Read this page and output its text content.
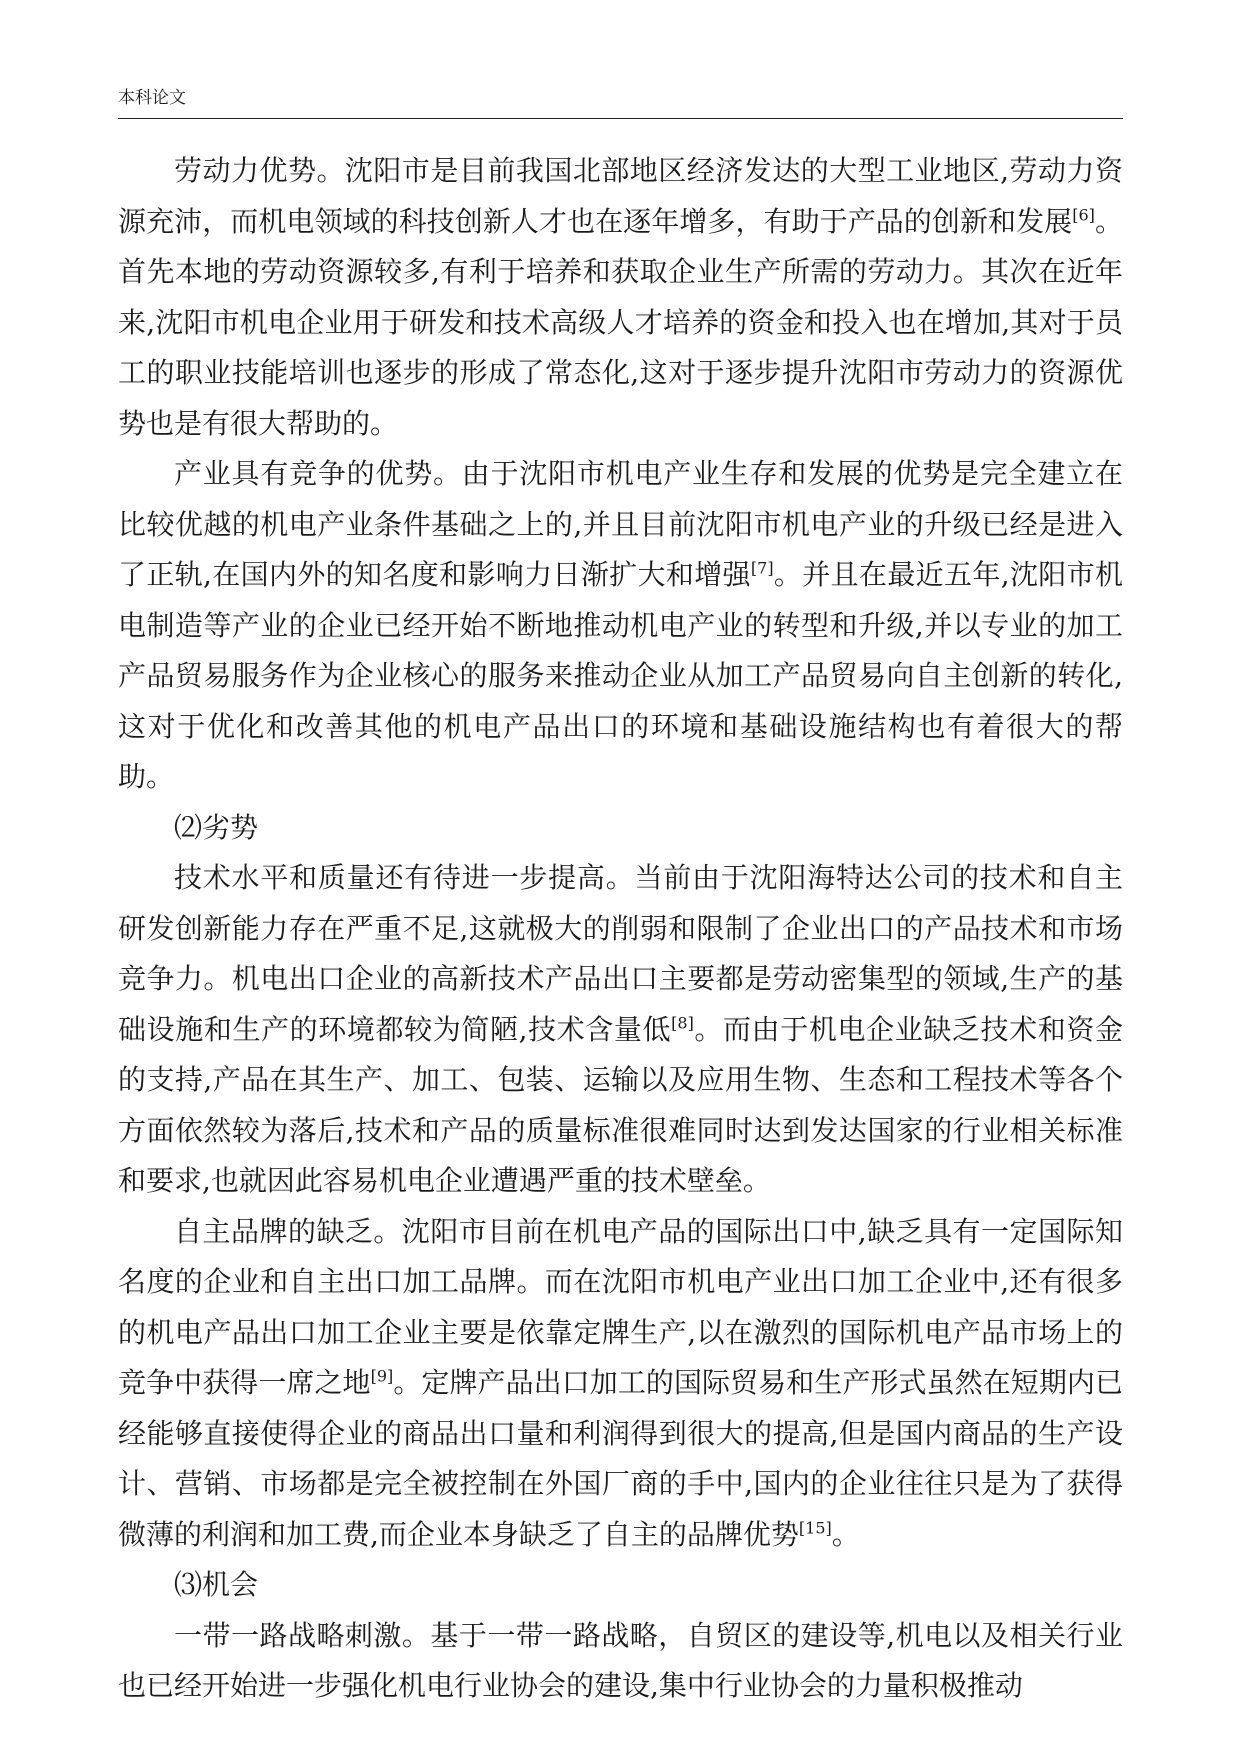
本科论文

劳动力优势。沈阳市是目前我国北部地区经济发达的大型工业地区,劳动力资源充沛，而机电领域的科技创新人才也在逐年增多，有助于产品的创新和发展[6]。首先本地的劳动资源较多,有利于培养和获取企业生产所需的劳动力。其次在近年来,沈阳市机电企业用于研发和技术高级人才培养的资金和投入也在增加,其对于员工的职业技能培训也逐步的形成了常态化,这对于逐步提升沈阳市劳动力的资源优势也是有很大帮助的。

产业具有竞争的优势。由于沈阳市机电产业生存和发展的优势是完全建立在比较优越的机电产业条件基础之上的,并且目前沈阳市机电产业的升级已经是进入了正轨,在国内外的知名度和影响力日渐扩大和增强[7]。并且在最近五年,沈阳市机电制造等产业的企业已经开始不断地推动机电产业的转型和升级,并以专业的加工产品贸易服务作为企业核心的服务来推动企业从加工产品贸易向自主创新的转化,这对于优化和改善其他的机电产品出口的环境和基础设施结构也有着很大的帮助。

⑵劣势

技术水平和质量还有待进一步提高。当前由于沈阳海特达公司的技术和自主研发创新能力存在严重不足,这就极大的削弱和限制了企业出口的产品技术和市场竞争力。机电出口企业的高新技术产品出口主要都是劳动密集型的领域,生产的基础设施和生产的环境都较为简陋,技术含量低[8]。而由于机电企业缺乏技术和资金的支持,产品在其生产、加工、包装、运输以及应用生物、生态和工程技术等各个方面依然较为落后,技术和产品的质量标准很难同时达到发达国家的行业相关标准和要求,也就因此容易机电企业遭遇严重的技术壁垒。

自主品牌的缺乏。沈阳市目前在机电产品的国际出口中,缺乏具有一定国际知名度的企业和自主出口加工品牌。而在沈阳市机电产业出口加工企业中,还有很多的机电产品出口加工企业主要是依靠定牌生产,以在激烈的国际机电产品市场上的竞争中获得一席之地[9]。定牌产品出口加工的国际贸易和生产形式虽然在短期内已经能够直接使得企业的商品出口量和利润得到很大的提高,但是国内商品的生产设计、营销、市场都是完全被控制在外国厂商的手中,国内的企业往往只是为了获得微薄的利润和加工费,而企业本身缺乏了自主的品牌优势[15]。

⑶机会

一带一路战略刺激。基于一带一路战略，自贸区的建设等,机电以及相关行业也已经开始进一步强化机电行业协会的建设,集中行业协会的力量积极推动
